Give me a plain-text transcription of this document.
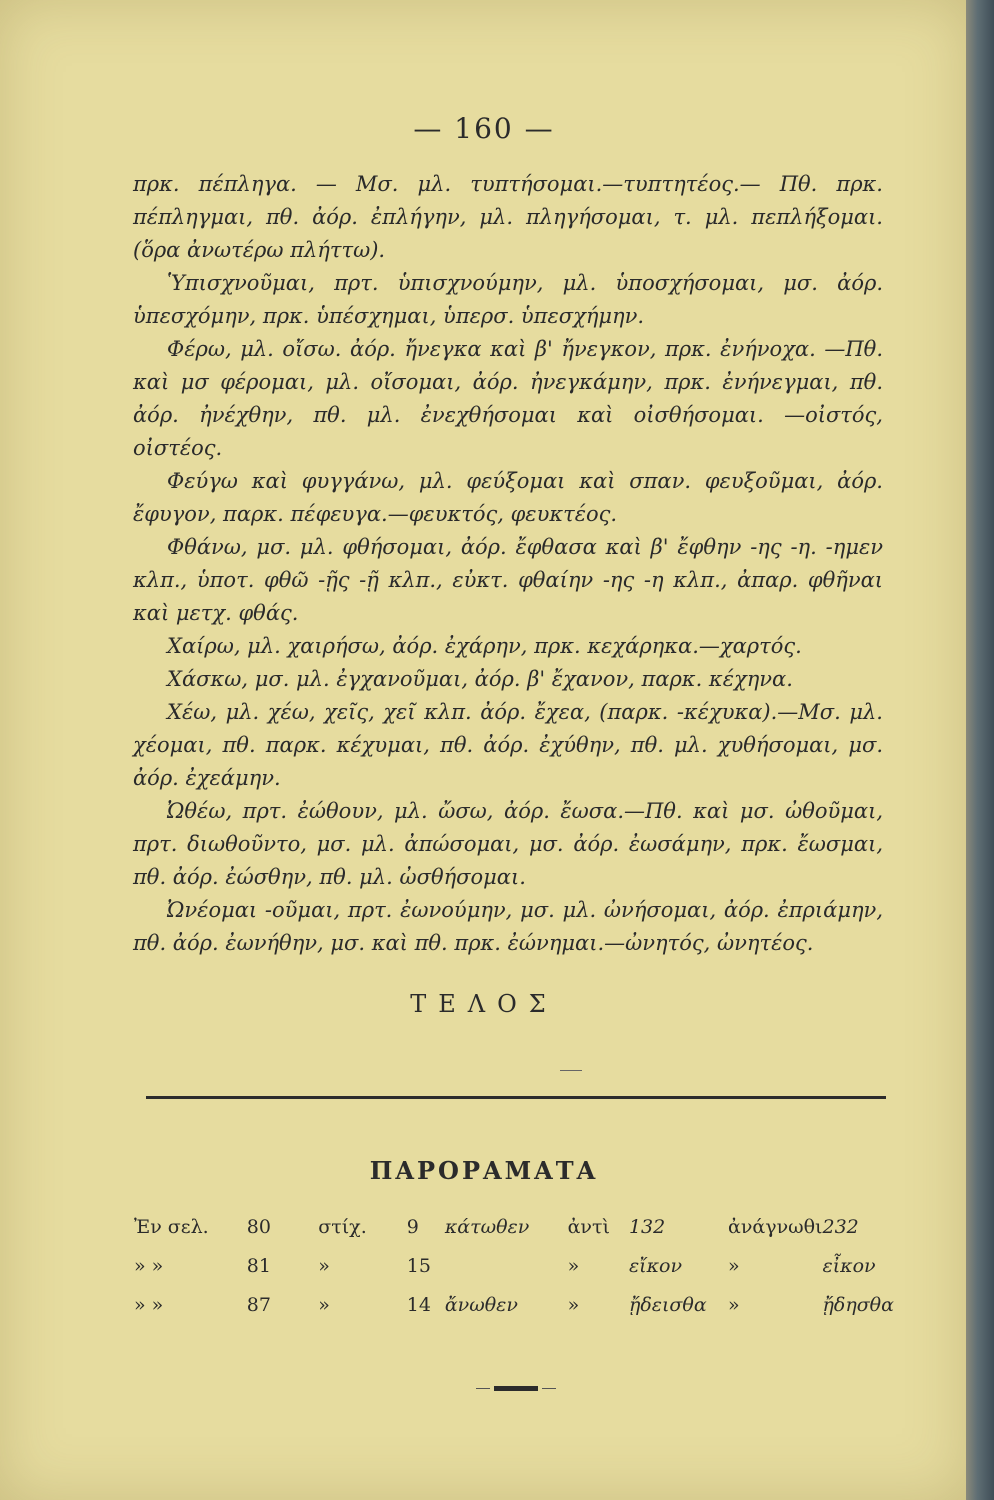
— 160 —

πρκ. πέπληγα. — Μσ. μλ. τυπτήσομαι.—τυπτητέος.— Πθ. πρκ. πέπληγμαι, πθ. ἀόρ. ἐπλήγην, μλ. πληγήσομαι, τ. μλ. πεπλήξομαι. (ὅρα ἀνωτέρω πλήττω).

Ὑπισχνοῦμαι, πρτ. ὑπισχνούμην, μλ. ὑποσχήσομαι, μσ. ἀόρ. ὑπεσχόμην, πρκ. ὑπέσχημαι, ὑπερσ. ὑπεσχήμην.

Φέρω, μλ. οἴσω. ἀόρ. ἤνεγκα καὶ β' ἤνεγκον, πρκ. ἐνήνοχα. —Πθ. καὶ μσ φέρομαι, μλ. οἴσομαι, ἀόρ. ἠνεγκάμην, πρκ. ἐνήνεγμαι, πθ. ἀόρ. ἠνέχθην, πθ. μλ. ἐνεχθήσομαι καὶ οἰσθήσομαι. —οἰστός, οἰστέος.

Φεύγω καὶ φυγγάνω, μλ. φεύξομαι καὶ σπαν. φευξοῦμαι, ἀόρ. ἔφυγον, παρκ. πέφευγα.—φευκτός, φευκτέος.

Φθάνω, μσ. μλ. φθήσομαι, ἀόρ. ἔφθασα καὶ β' ἔφθην -ης -η. -ημεν κλπ., ὑποτ. φθῶ -ῇς -ῇ κλπ., εὐκτ. φθαίην -ης -η κλπ., ἀπαρ. φθῆναι καὶ μετχ. φθάς.

Χαίρω, μλ. χαιρήσω, ἀόρ. ἐχάρην, πρκ. κεχάρηκα.—χαρτός.

Χάσκω, μσ. μλ. ἐγχανοῦμαι, ἀόρ. β' ἔχανον, παρκ. κέχηνα.

Χέω, μλ. χέω, χεῖς, χεῖ κλπ. ἀόρ. ἔχεα, (παρκ. -κέχυκα).—Μσ. μλ. χέομαι, πθ. παρκ. κέχυμαι, πθ. ἀόρ. ἐχύθην, πθ. μλ. χυθήσομαι, μσ. ἀόρ. ἐχεάμην.

Ὠθέω, πρτ. ἐώθουν, μλ. ὤσω, ἀόρ. ἔωσα.—Πθ. καὶ μσ. ὠθοῦμαι, πρτ. διωθοῦντο, μσ. μλ. ἀπώσομαι, μσ. ἀόρ. ἐωσάμην, πρκ. ἔωσμαι, πθ. ἀόρ. ἐώσθην, πθ. μλ. ὠσθήσομαι.

Ὠνέομαι -οῦμαι, πρτ. ἐωνούμην, μσ. μλ. ὠνήσομαι, ἀόρ. ἐπριάμην, πθ. ἀόρ. ἐωνήθην, μσ. καὶ πθ. πρκ. ἐώνημαι.—ὠνητός, ὠνητέος.

ΤΕΛΟΣ
ΠΑΡΟΡΑΜΑΤΑ
Ἐν σελ.	80	στίχ.	9	κάτωθεν	ἀντὶ	132	ἀνάγνωθι	232
» »	81	»	15		»	εἴκον	»	εἶκον
» »	87	»	14	ἄνωθεν	»	ᾔδεισθα	»	ᾔδησθα
